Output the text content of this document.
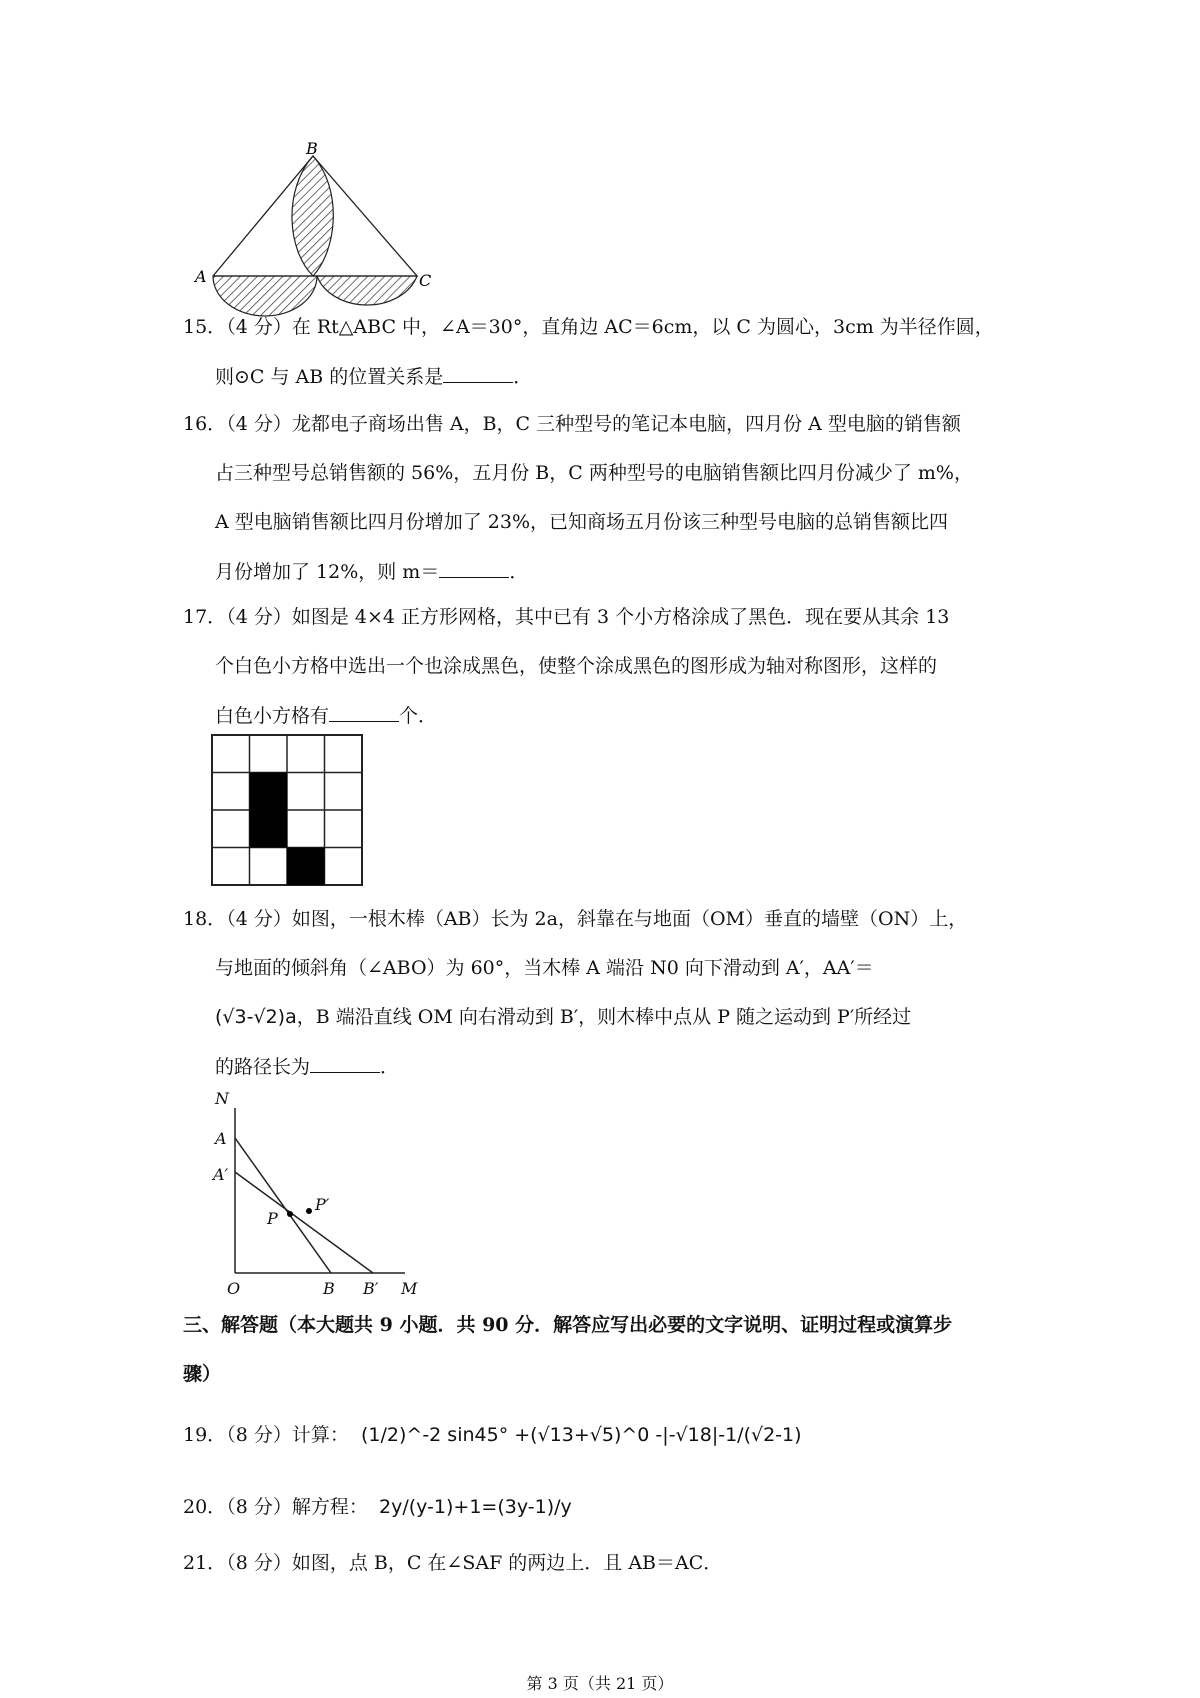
B
A	C
15．（4 分）在 Rt△ABC 中，∠A＝30°，直角边 AC＝6cm，以 C 为圆心，3cm 为半径作圆，
则⊙C 与 AB 的位置关系是	．
16．（4 分）龙都电子商场出售 A，B，C 三种型号的笔记本电脑，四月份 A 型电脑的销售额
占三种型号总销售额的 56%，五月份 B，C 两种型号的电脑销售额比四月份减少了 m%，
A 型电脑销售额比四月份增加了 23%，已知商场五月份该三种型号电脑的总销售额比四
月份增加了 12%，则 m＝	．
17．（4 分）如图是 4×4 正方形网格，其中已有 3 个小方格涂成了黑色．现在要从其余 13
个白色小方格中选出一个也涂成黑色，使整个涂成黑色的图形成为轴对称图形，这样的
白色小方格有	个．
18．（4 分）如图，一根木棒（AB）长为 2a，斜靠在与地面（OM）垂直的墙壁（ON）上，
与地面的倾斜角（∠ABO）为 60°，当木棒 A 端沿 N0 向下滑动到 A′，AA′＝
(√3-√2)a，B 端沿直线 OM 向右滑动到 B′，则木棒中点从 P 随之运动到 P′所经过
的路径长为	．
N
A
A′
P
P′
O	B B′ M
三、解答题（本大题共 9 小题．共 90 分．解答应写出必要的文字说明、证明过程或演算步
骤）
19．（8 分）计算： (1/2)^-2 sin45° +(√13+√5)^0 -|-√18|-1/(√2-1)
20．（8 分）解方程： 2y/(y-1)+1=(3y-1)/y
21．（8 分）如图，点 B，C 在∠SAF 的两边上．且 AB＝AC．
第 3 页（共 21 页）
